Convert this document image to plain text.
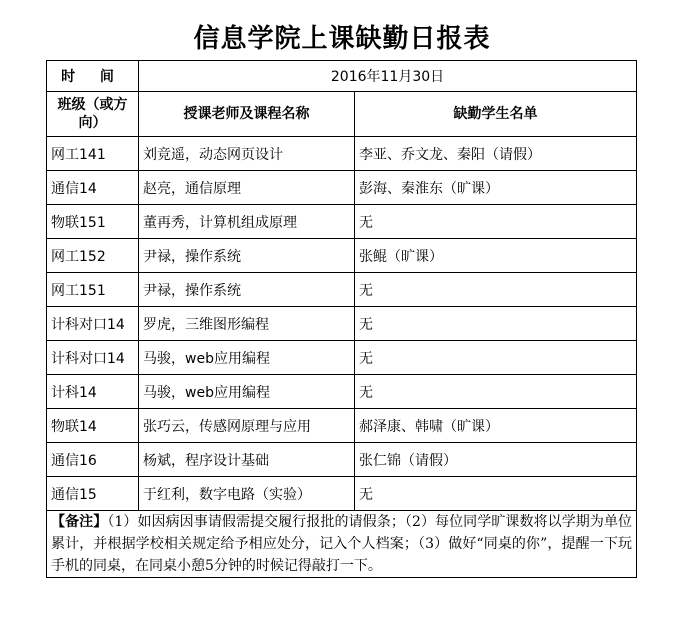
信息学院上课缺勤日报表
时 间	2016年11月30日	
班级（或方向）	授课老师及课程名称	缺勤学生名单
网工141	刘竞遥，动态网页设计	李亚、乔文龙、秦阳（请假）
通信14	赵亮，通信原理	彭海、秦淮东（旷课）
物联151	董再秀，计算机组成原理	无
网工152	尹禄，操作系统	张鲲（旷课）
网工151	尹禄，操作系统	无
计科对口14	罗虎，三维图形编程	无
计科对口14	马骏，web应用编程	无
计科14	马骏，web应用编程	无
物联14	张巧云，传感网原理与应用	郝泽康、韩啸（旷课）
通信16	杨斌，程序设计基础	张仁锦（请假）
通信15	于红利，数字电路（实验）	无
【备注】（1）如因病因事请假需提交履行报批的请假条；（2）每位同学旷课数将以学期为单位累计，并根据学校相关规定给予相应处分，记入个人档案；（3）做好“同桌的你”，提醒一下玩手机的同桌，在同桌小憩5分钟的时候记得敲打一下。		
